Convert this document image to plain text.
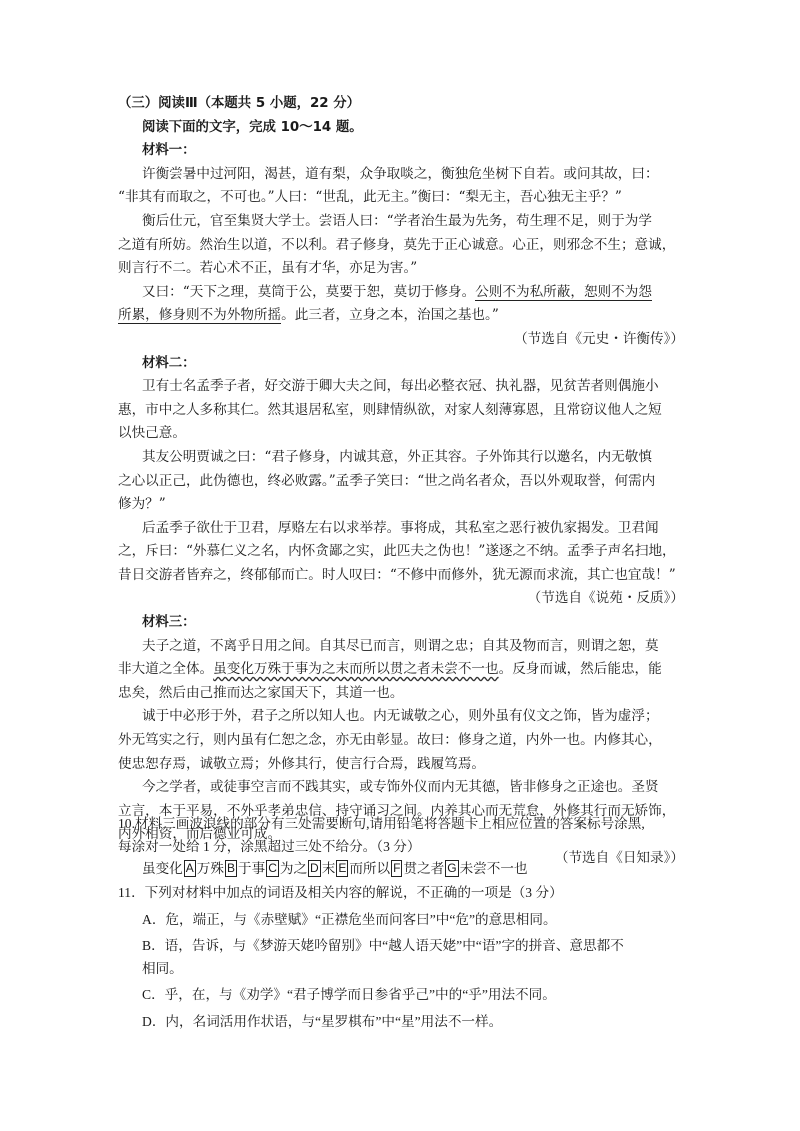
（三）阅读Ⅲ（本题共 5 小题，22 分）
阅读下面的文字，完成 10～14 题。
材料一：
许衡尝暑中过河阳，渴甚，道有梨，众争取啖之，衡独危坐树下自若。或问其故，曰：
“非其有而取之，不可也。”人曰：“世乱，此无主。”衡曰：“梨无主，吾心独无主乎？”
衡后仕元，官至集贤大学士。尝语人曰：“学者治生最为先务，苟生理不足，则于为学
之道有所妨。然治生以道，不以利。君子修身，莫先于正心诚意。心正，则邪念不生；意诚，
则言行不二。若心术不正，虽有才华，亦足为害。”
又曰：“天下之理，莫筒于公，莫要于恕，莫切于修身。公则不为私所蔽，恕则不为怨
所累，修身则不为外物所摇。此三者，立身之本，治国之基也。”
（节选自《元史・许衡传》）
材料二：
卫有士名孟季子者，好交游于卿大夫之间，每出必整衣冠、执礼器，见贫苦者则偶施小
惠，市中之人多称其仁。然其退居私室，则肆情纵欲，对家人刻薄寡恩，且常窃议他人之短
以快己意。
其友公明贾诚之曰：“君子修身，内诚其意，外正其容。子外饰其行以邀名，内无敬慎
之心以正己，此伪德也，终必败露。”孟季子笑曰：“世之尚名者众，吾以外观取誉，何需内
修为？”
后孟季子欲仕于卫君，厚赂左右以求举荐。事将成，其私室之恶行被仇家揭发。卫君闻
之，斥曰：“外慕仁义之名，内怀贪鄙之实，此匹夫之伪也！”遂逐之不纳。孟季子声名扫地，
昔日交游者皆弃之，终郁郁而亡。时人叹曰：“不修中而修外，犹无源而求流，其亡也宜哉！”
（节选自《说苑・反质》）
材料三：
夫子之道，不离乎日用之间。自其尽已而言，则谓之忠；自其及物而言，则谓之恕，莫
非大道之全体。虽变化万殊于事为之末而所以贯之者未尝不一也。反身而诚，然后能忠，能
忠矣，然后由己推而达之家国天下，其道一也。
诚于中必形于外，君子之所以知人也。内无诚敬之心，则外虽有仪文之饰，皆为虚浮；
外无笃实之行，则内虽有仁恕之念，亦无由彰显。故曰：修身之道，内外一也。内修其心，
使忠恕存焉，诚敬立焉；外修其行，使言行合焉，践履笃焉。
今之学者，或徒事空言而不践其实，或专饰外仪而内无其德，皆非修身之正途也。圣贤
立言，本于平易，不外乎孝弟忠信、持守诵习之间。内养其心而无荒怠，外修其行而无矫饰，
内外相资，而后德业可成。
（节选自《日知录》）
10.材料三画波浪线的部分有三处需要断句,请用铅笔将答题卡上相应位置的答案标号涂黑,
每涂对一处给 1 分，涂黑超过三处不给分。（3 分）
虽变化 A 万殊 B 于事 C 为之 D 末 E 而所以 F 贯之者 G 未尝不一也
11．下列对材料中加点的词语及相关内容的解说，不正确的一项是（3 分）
A．危，端正，与《赤壁赋》“正襟危坐而问客曰”中“危”的意思相同。
B．语，告诉，与《梦游天姥吟留别》中“越人语天姥”中“语”字的拼音、意思都不
相同。
C．乎，在，与《劝学》“君子博学而日参省乎己”中的“乎”用法不同。
D．内，名词活用作状语，与“星罗棋布”中“星”用法不一样。
